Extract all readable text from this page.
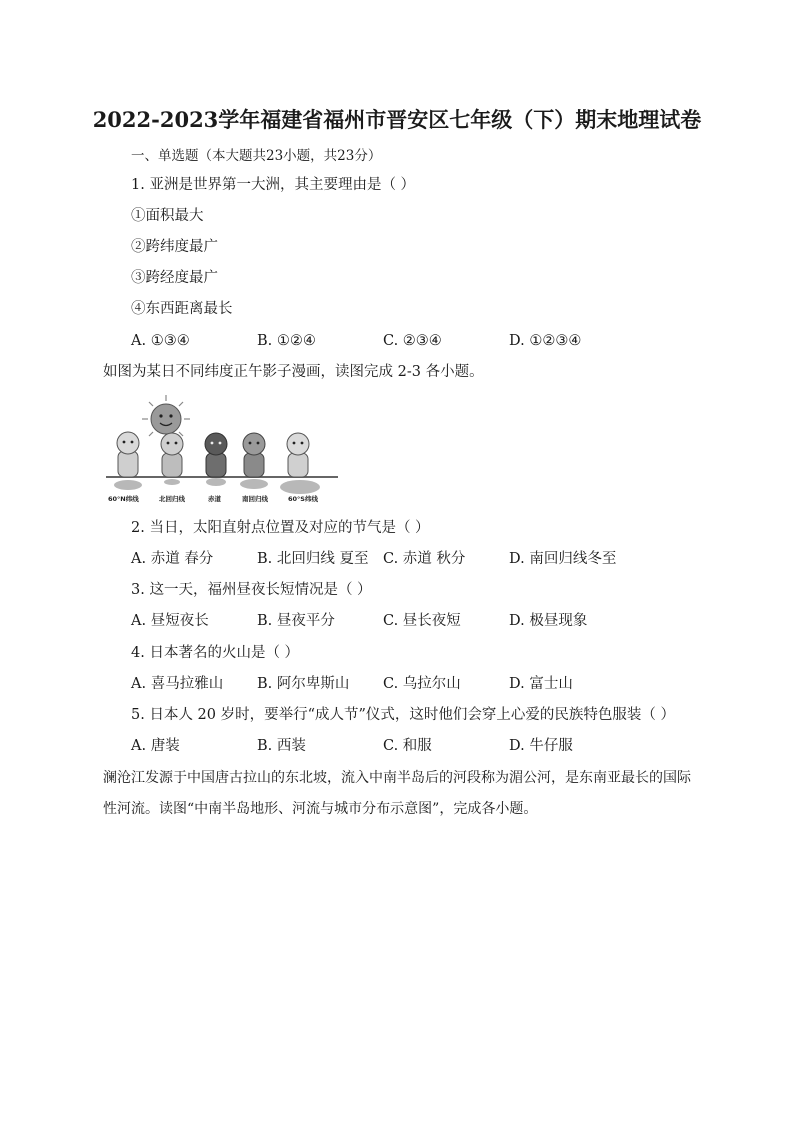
2022-2023学年福建省福州市晋安区七年级（下）期末地理试卷
一、单选题（本大题共23小题，共23分）
1. 亚洲是世界第一大洲，其主要理由是（ ）
①面积最大
②跨纬度最广
③跨经度最广
④东西距离最长
A. ①③④	B. ①②④	C. ②③④	D. ①②③④
如图为某日不同纬度正午影子漫画，读图完成 2-3 各小题。
60°N纬线	北回归线	赤道	南回归线	60°S纬线
2. 当日，太阳直射点位置及对应的节气是（ ）
A. 赤道 春分	B. 北回归线 夏至 C. 赤道 秋分	D. 南回归线冬至
3. 这一天，福州昼夜长短情况是（ ）
A. 昼短夜长	B. 昼夜平分	C. 昼长夜短	D. 极昼现象
4. 日本著名的火山是（ ）
A. 喜马拉雅山 B. 阿尔卑斯山 C. 乌拉尔山	D. 富士山
5. 日本人 20 岁时，要举行“成人节”仪式，这时他们会穿上心爱的民族特色服装（ ）
A. 唐装	B. 西装	C. 和服	D. 牛仔服
澜沧江发源于中国唐古拉山的东北坡，流入中南半岛后的河段称为湄公河，是东南亚最长的国际
性河流。读图“中南半岛地形、河流与城市分布示意图”，完成各小题。
